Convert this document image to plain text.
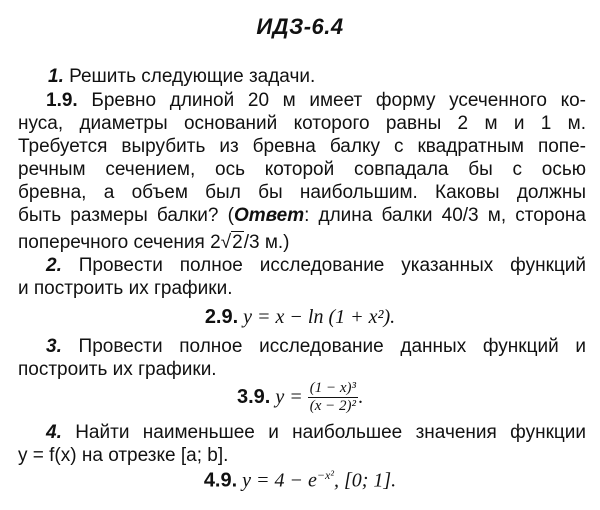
ИДЗ-6.4
1. Решить следующие задачи.
1.9. Бревно длиной 20 м имеет форму усеченного ко-
нуса, диаметры оснований которого равны 2 м и 1 м.
Требуется вырубить из бревна балку с квадратным попе-
речным сечением, ось которой совпадала бы с осью
бревна, а объем был бы наибольшим. Каковы должны
быть размеры балки? (Ответ: длина балки 40/3 м, сторона
поперечного сечения 2√2/3 м.)
2. Провести полное исследование указанных функций
и построить их графики.
2.9. y = x − ln (1 + x²).
3. Провести полное исследование данных функций и
построить их графики.
3.9. $y = \frac{\text{(1 − x)³}}{\text{(x − 2)²}}$ .
4. Найти наименьшее и наибольшее значения функции
y = f(x) на отрезке [a; b].
4.9. $y = 4 - e^{-x^2}$, [0; 1].
